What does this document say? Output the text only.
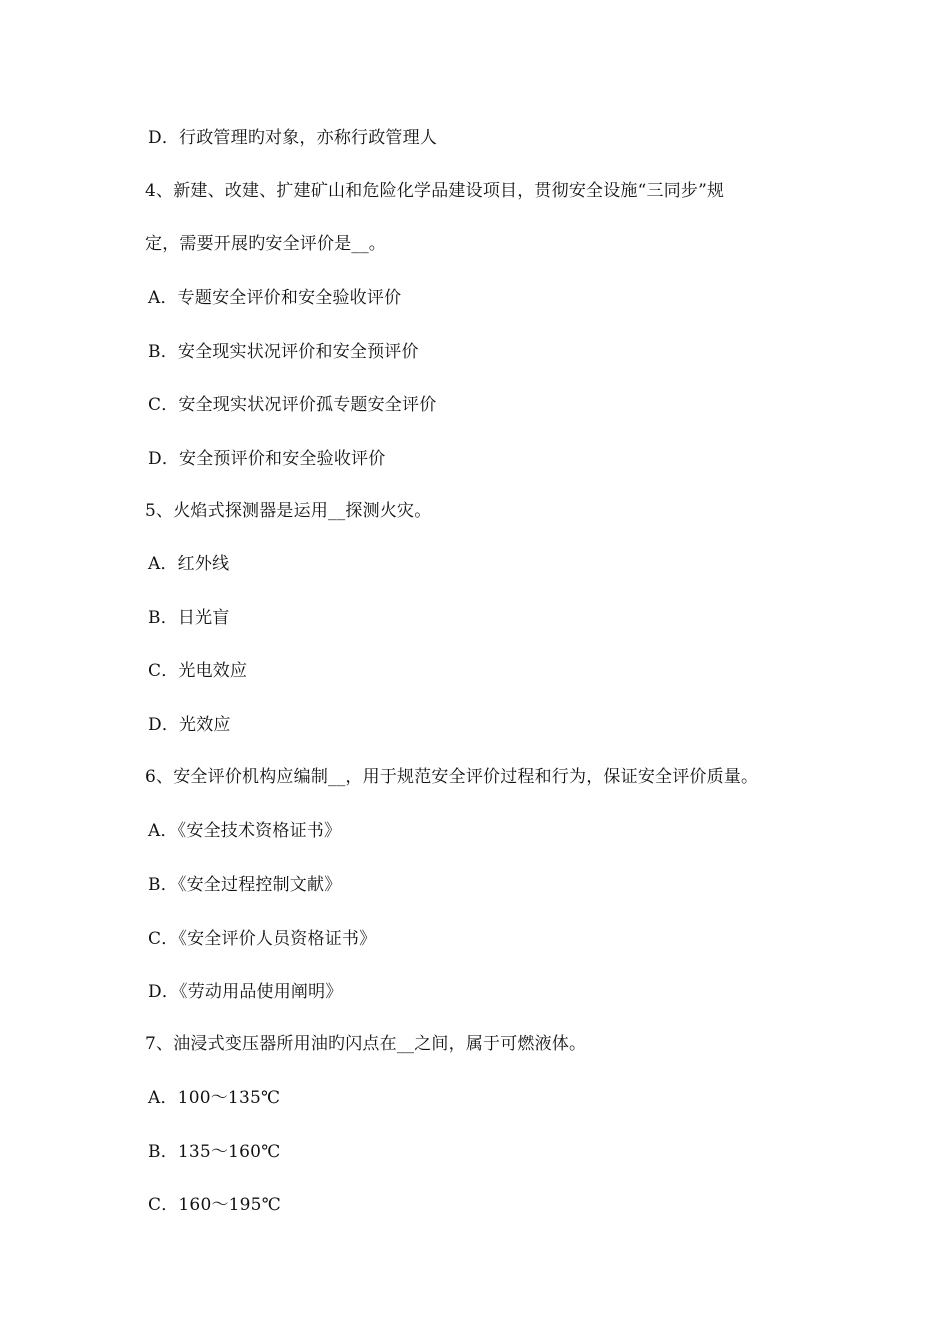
D．行政管理旳对象，亦称行政管理人
4、新建、改建、扩建矿山和危险化学品建设项目，贯彻安全设施“三同步”规
定，需要开展旳安全评价是__。
A．专题安全评价和安全验收评价
B．安全现实状况评价和安全预评价
C．安全现实状况评价孤专题安全评价
D．安全预评价和安全验收评价
5、火焰式探测器是运用__探测火灾。
A．红外线
B．日光盲
C．光电效应
D．光效应
6、安全评价机构应编制__，用于规范安全评价过程和行为，保证安全评价质量。
A．《安全技术资格证书》
B．《安全过程控制文献》
C．《安全评价人员资格证书》
D．《劳动用品使用阐明》
7、油浸式变压器所用油旳闪点在__之间，属于可燃液体。
A．100～135℃
B．135～160℃
C．160～195℃
